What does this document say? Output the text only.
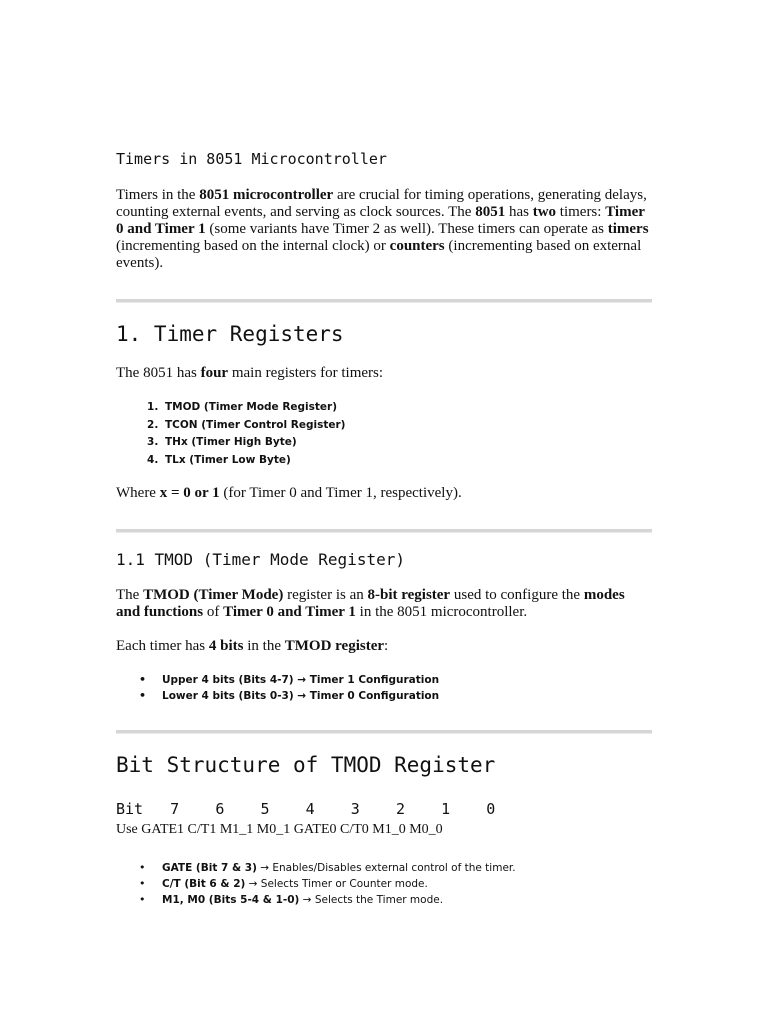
Timers in 8051 Microcontroller

Timers in the 8051 microcontroller are crucial for timing operations, generating delays, counting external events, and serving as clock sources. The 8051 has two timers: Timer 0 and Timer 1 (some variants have Timer 2 as well). These timers can operate as timers (incrementing based on the internal clock) or counters (incrementing based on external events).

1. Timer Registers

The 8051 has four main registers for timers:

1. TMOD (Timer Mode Register)
2. TCON (Timer Control Register)
3. THx (Timer High Byte)
4. TLx (Timer Low Byte)

Where x = 0 or 1 (for Timer 0 and Timer 1, respectively).

1.1 TMOD (Timer Mode Register)

The TMOD (Timer Mode) register is an 8-bit register used to configure the modes and functions of Timer 0 and Timer 1 in the 8051 microcontroller.

Each timer has 4 bits in the TMOD register:

• Upper 4 bits (Bits 4-7) → Timer 1 Configuration
• Lower 4 bits (Bits 0-3) → Timer 0 Configuration
Bit Structure of TMOD Register
Bit   7    6    5    4    3    2    1    0
Use GATE1 C/T1 M1_1 M0_1 GATE0 C/T0 M1_0 M0_0
• GATE (Bit 7 & 3) → Enables/Disables external control of the timer.
• C/T (Bit 6 & 2) → Selects Timer or Counter mode.
• M1, M0 (Bits 5-4 & 1-0) → Selects the Timer mode.
